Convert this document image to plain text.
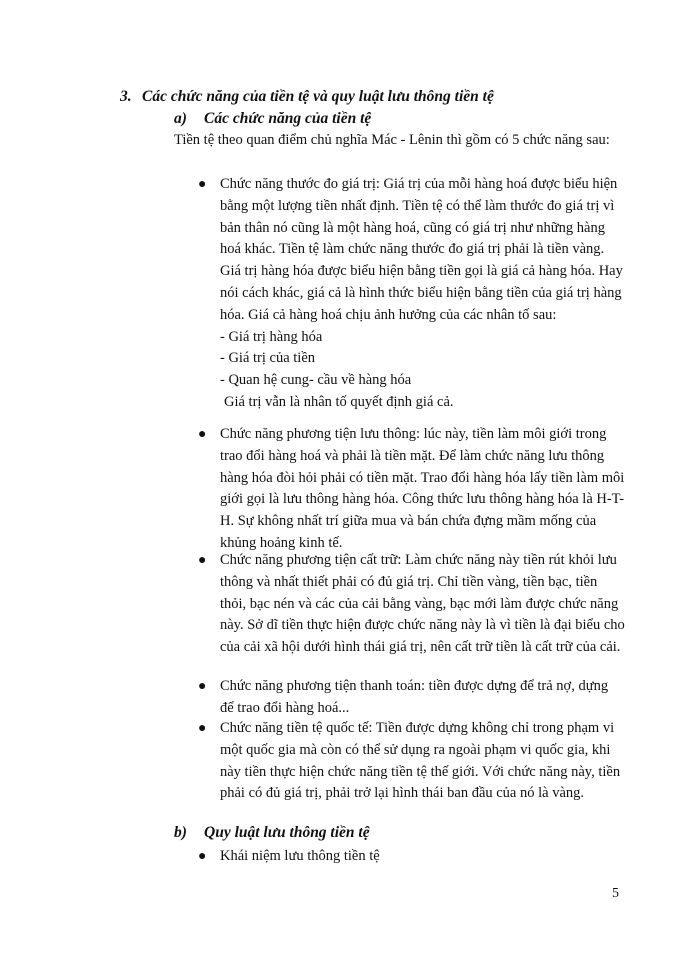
3. Các chức năng của tiền tệ và quy luật lưu thông tiền tệ
a) Các chức năng của tiền tệ
Tiền tệ theo quan điểm chủ nghĩa Mác - Lênin thì gồm có 5 chức năng sau:
● Chức năng thước đo giá trị: Giá trị của mỗi hàng hoá được biểu hiện bằng một lượng tiền nhất định. Tiền tệ có thể làm thước đo giá trị vì bản thân nó cũng là một hàng hoá, cũng có giá trị như những hàng hoá khác. Tiền tệ làm chức năng thước đo giá trị phải là tiền vàng. Giá trị hàng hóa được biểu hiện bằng tiền gọi là giá cả hàng hóa. Hay nói cách khác, giá cả là hình thức biểu hiện bằng tiền của giá trị hàng hóa. Giá cả hàng hoá chịu ảnh hưởng của các nhân tố sau:
- Giá trị hàng hóa
- Giá trị của tiền
- Quan hệ cung- cầu về hàng hóa
Giá trị vẫn là nhân tố quyết định giá cả.
● Chức năng phương tiện lưu thông: lúc này, tiền làm môi giới trong trao đổi hàng hoá và phải là tiền mặt. Để làm chức năng lưu thông hàng hóa đòi hỏi phải có tiền mặt. Trao đổi hàng hóa lấy tiền làm môi giới gọi là lưu thông hàng hóa. Công thức lưu thông hàng hóa là H-T-H. Sự không nhất trí giữa mua và bán chứa đựng mầm mống của khủng hoảng kinh tế.
● Chức năng phương tiện cất trữ: Làm chức năng này tiền rút khỏi lưu thông và nhất thiết phải có đủ giá trị. Chỉ tiền vàng, tiền bạc, tiền thỏi, bạc nén và các của cải bằng vàng, bạc mới làm được chức năng này. Sở dĩ tiền thực hiện được chức năng này là vì tiền là đại biểu cho của cải xã hội dưới hình thái giá trị, nên cất trữ tiền là cất trữ của cải.
● Chức năng phương tiện thanh toán: tiền được dựng để trả nợ, dựng để trao đổi hàng hoá...
● Chức năng tiền tệ quốc tế: Tiền được dựng không chỉ trong phạm vi một quốc gia mà còn có thể sử dụng ra ngoài phạm vi quốc gia, khi này tiền thực hiện chức năng tiền tệ thế giới. Với chức năng này, tiền phải có đủ giá trị, phải trở lại hình thái ban đầu của nó là vàng.
b) Quy luật lưu thông tiền tệ
● Khái niệm lưu thông tiền tệ
5
